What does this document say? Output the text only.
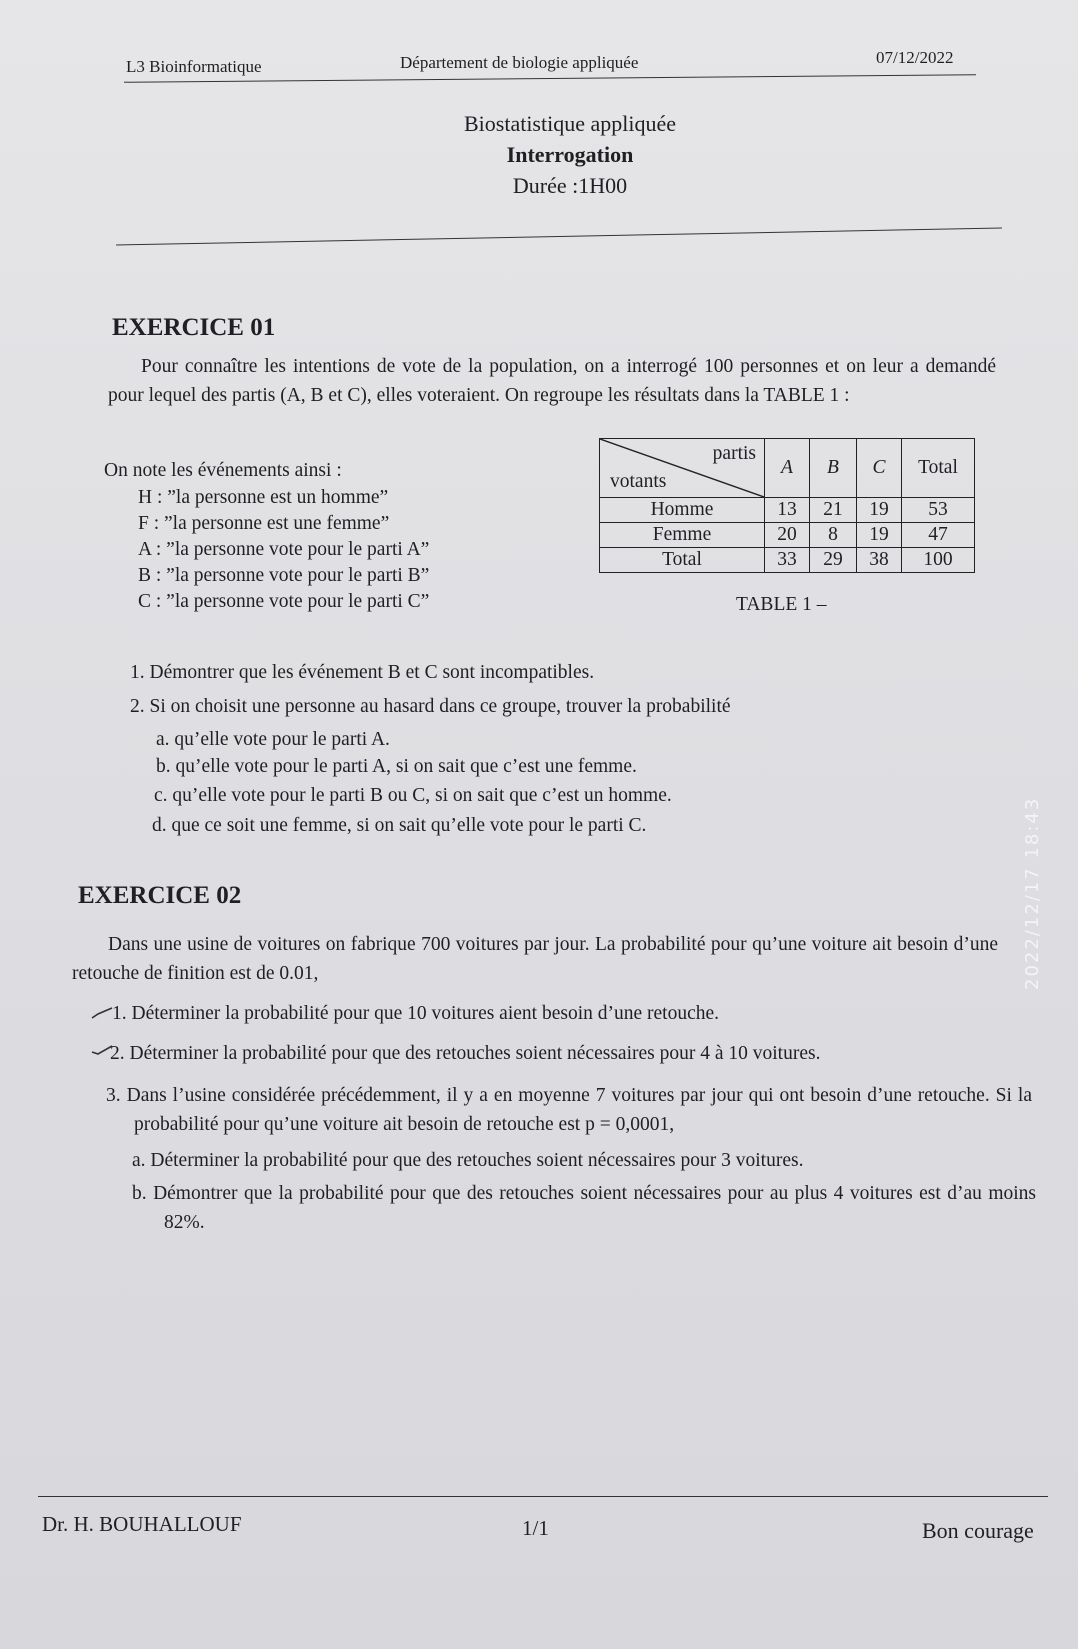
L3 Bioinformatique	Département de biologie appliquée	07/12/2022
Biostatistique appliquée
Interrogation
Durée :1H00
EXERCICE 01
Pour connaître les intentions de vote de la population, on a interrogé 100 personnes et on leur a demandé pour lequel des partis (A, B et C), elles voteraient. On regroupe les résultats dans la TABLE 1 :
On note les événements ainsi :
H : ”la personne est un homme”
F : ”la personne est une femme”
A : ”la personne vote pour le parti A”
B : ”la personne vote pour le parti B”
C : ”la personne vote pour le parti C”
partis
votants	A	B	C	Total
Homme	13	21	19	53
Femme	20	8	19	47
Total	33	29	38	100
TABLE 1 –
1. Démontrer que les événement B et C sont incompatibles.
2. Si on choisit une personne au hasard dans ce groupe, trouver la probabilité
a. qu’elle vote pour le parti A.
b. qu’elle vote pour le parti A, si on sait que c’est une femme.
c. qu’elle vote pour le parti B ou C, si on sait que c’est un homme.
d. que ce soit une femme, si on sait qu’elle vote pour le parti C.
EXERCICE 02
Dans une usine de voitures on fabrique 700 voitures par jour. La probabilité pour qu’une voiture ait besoin d’une retouche de finition est de 0.01,
1. Déterminer la probabilité pour que 10 voitures aient besoin d’une retouche.
2. Déterminer la probabilité pour que des retouches soient nécessaires pour 4 à 10 voitures.
3. Dans l’usine considérée précédemment, il y a en moyenne 7 voitures par jour qui ont besoin d’une retouche. Si la probabilité pour qu’une voiture ait besoin de retouche est p = 0,0001,
a. Déterminer la probabilité pour que des retouches soient nécessaires pour 3 voitures.
b. Démontrer que la probabilité pour que des retouches soient nécessaires pour au plus 4 voitures est d’au moins 82%.
Dr. H. BOUHALLOUF	1/1	Bon courage
2022/12/17 18:43
